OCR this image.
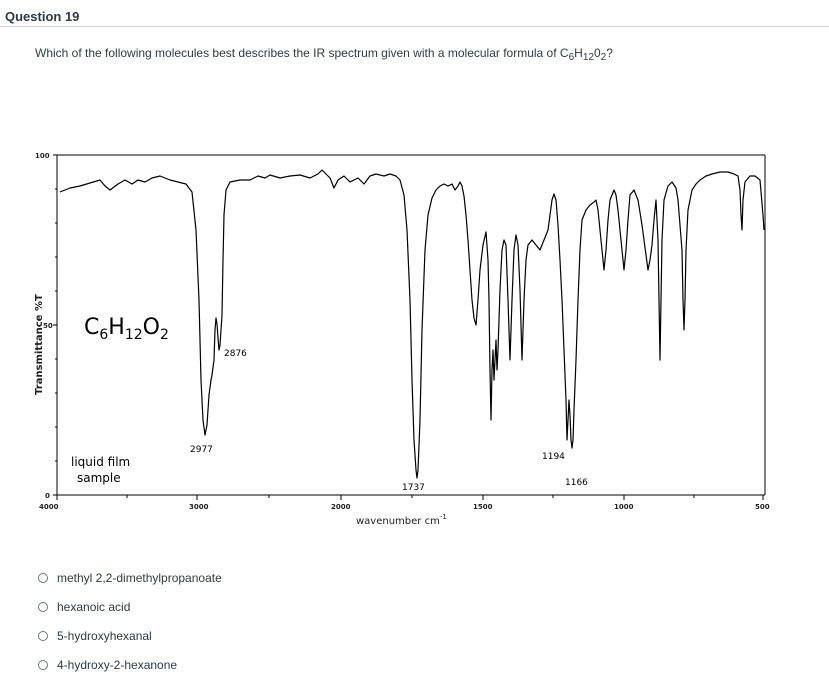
Question 19
Which of the following molecules best describes the IR spectrum given with a molecular formula of $C_6H_{12}0_2$?
100
50
0
Transmittance %T
4000	3000	2000	1500	1000	500
wavenumber $cm^{-1}$
$C_6H_{12}O_2$
liquid film
sample
2876
2977
1737
1194
1166
methyl 2,2-dimethylpropanoate
hexanoic acid
5-hydroxyhexanal
4-hydroxy-2-hexanone
